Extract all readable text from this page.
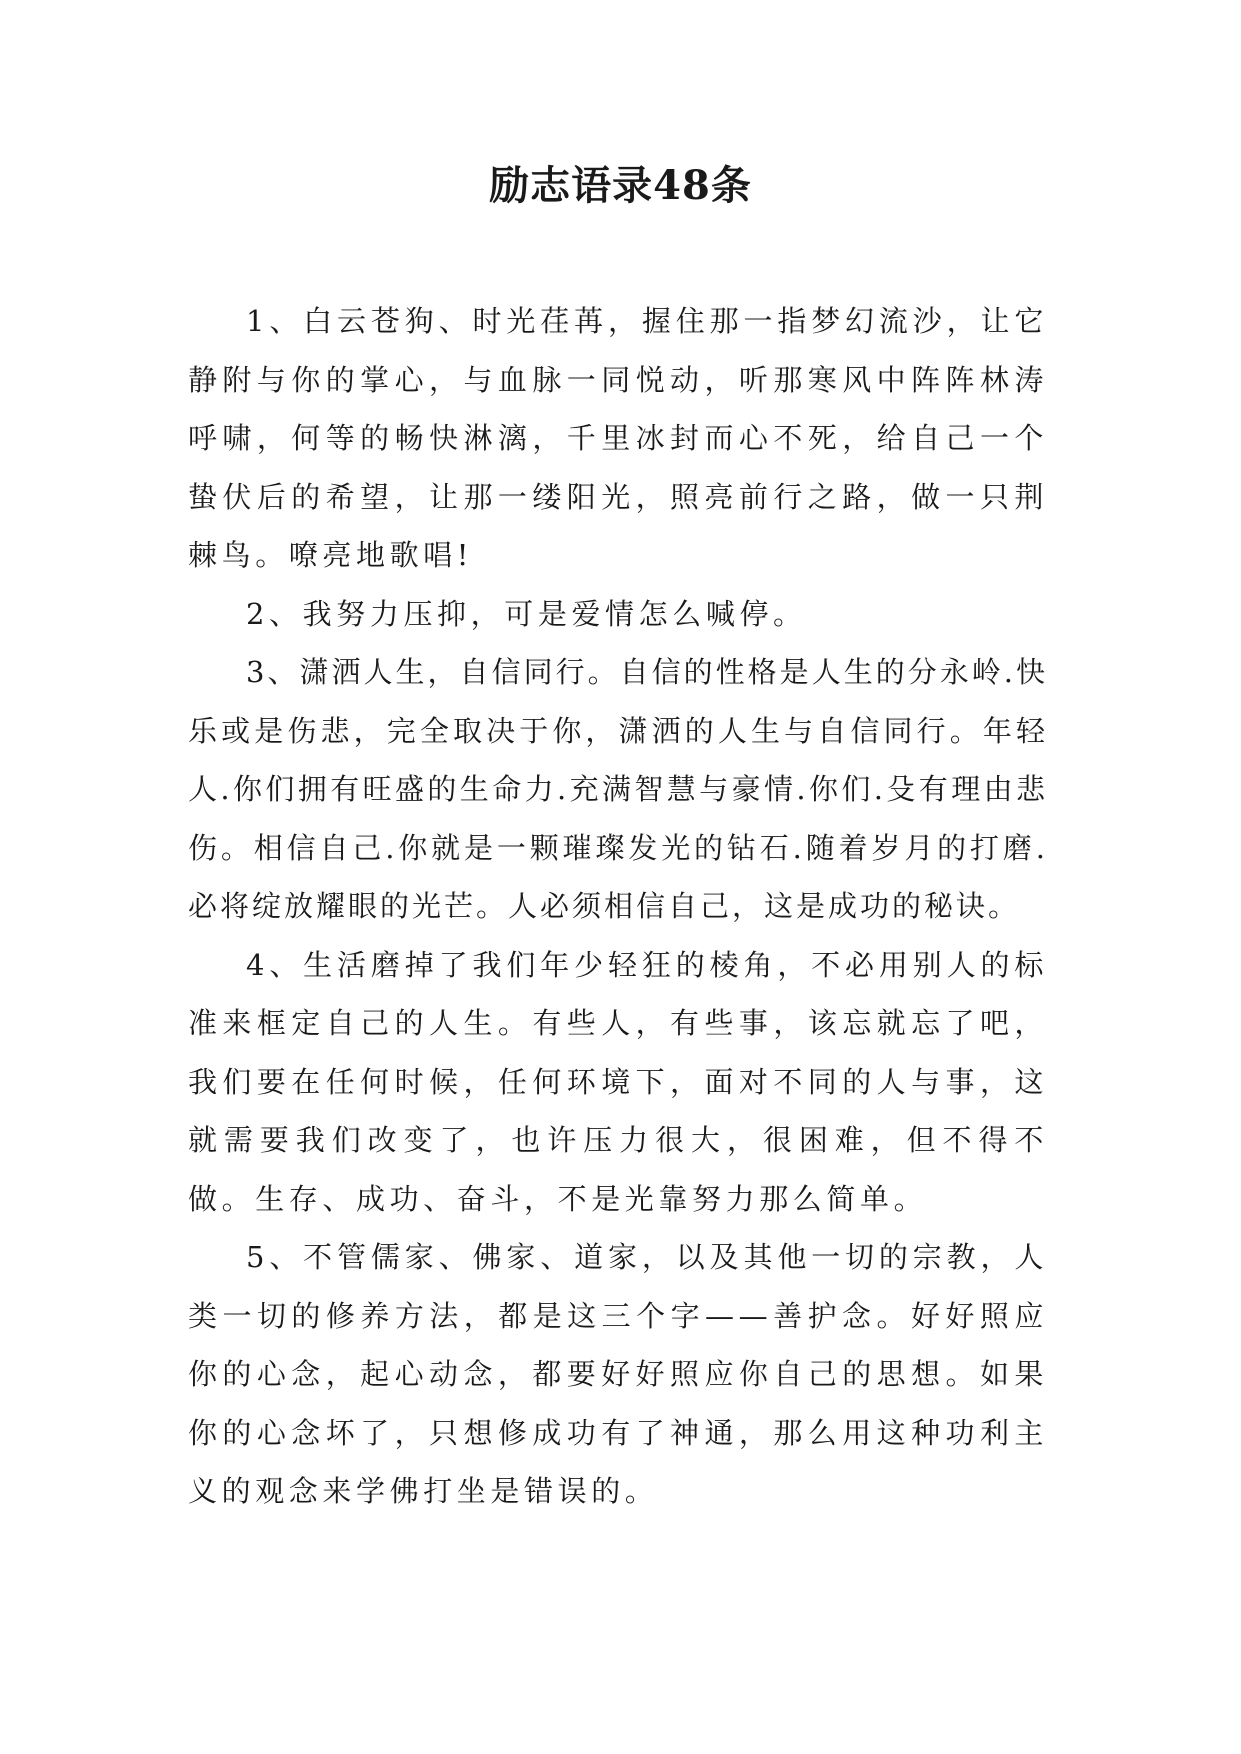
励志语录48条

1、白云苍狗、时光荏苒，握住那一指梦幻流沙，让它静附与你的掌心，与血脉一同悦动，听那寒风中阵阵林涛呼啸，何等的畅快淋漓，千里冰封而心不死，给自己一个蛰伏后的希望，让那一缕阳光，照亮前行之路，做一只荆棘鸟。嘹亮地歌唱!

2、我努力压抑，可是爱情怎么喊停。

3、潇洒人生，自信同行。自信的性格是人生的分永岭.快乐或是伤悲，完全取决于你，潇洒的人生与自信同行。年轻人.你们拥有旺盛的生命力.充满智慧与豪情.你们.殳有理由悲伤。相信自己.你就是一颗璀璨发光的钻石.随着岁月的打磨.必将绽放耀眼的光芒。人必须相信自己，这是成功的秘诀。

4、生活磨掉了我们年少轻狂的棱角，不必用别人的标准来框定自己的人生。有些人，有些事，该忘就忘了吧，我们要在任何时候，任何环境下，面对不同的人与事，这就需要我们改变了，也许压力很大，很困难，但不得不做。生存、成功、奋斗，不是光靠努力那么简单。

5、不管儒家、佛家、道家，以及其他一切的宗教，人类一切的修养方法，都是这三个字——善护念。好好照应你的心念，起心动念，都要好好照应你自己的思想。如果你的心念坏了，只想修成功有了神通，那么用这种功利主义的观念来学佛打坐是错误的。
